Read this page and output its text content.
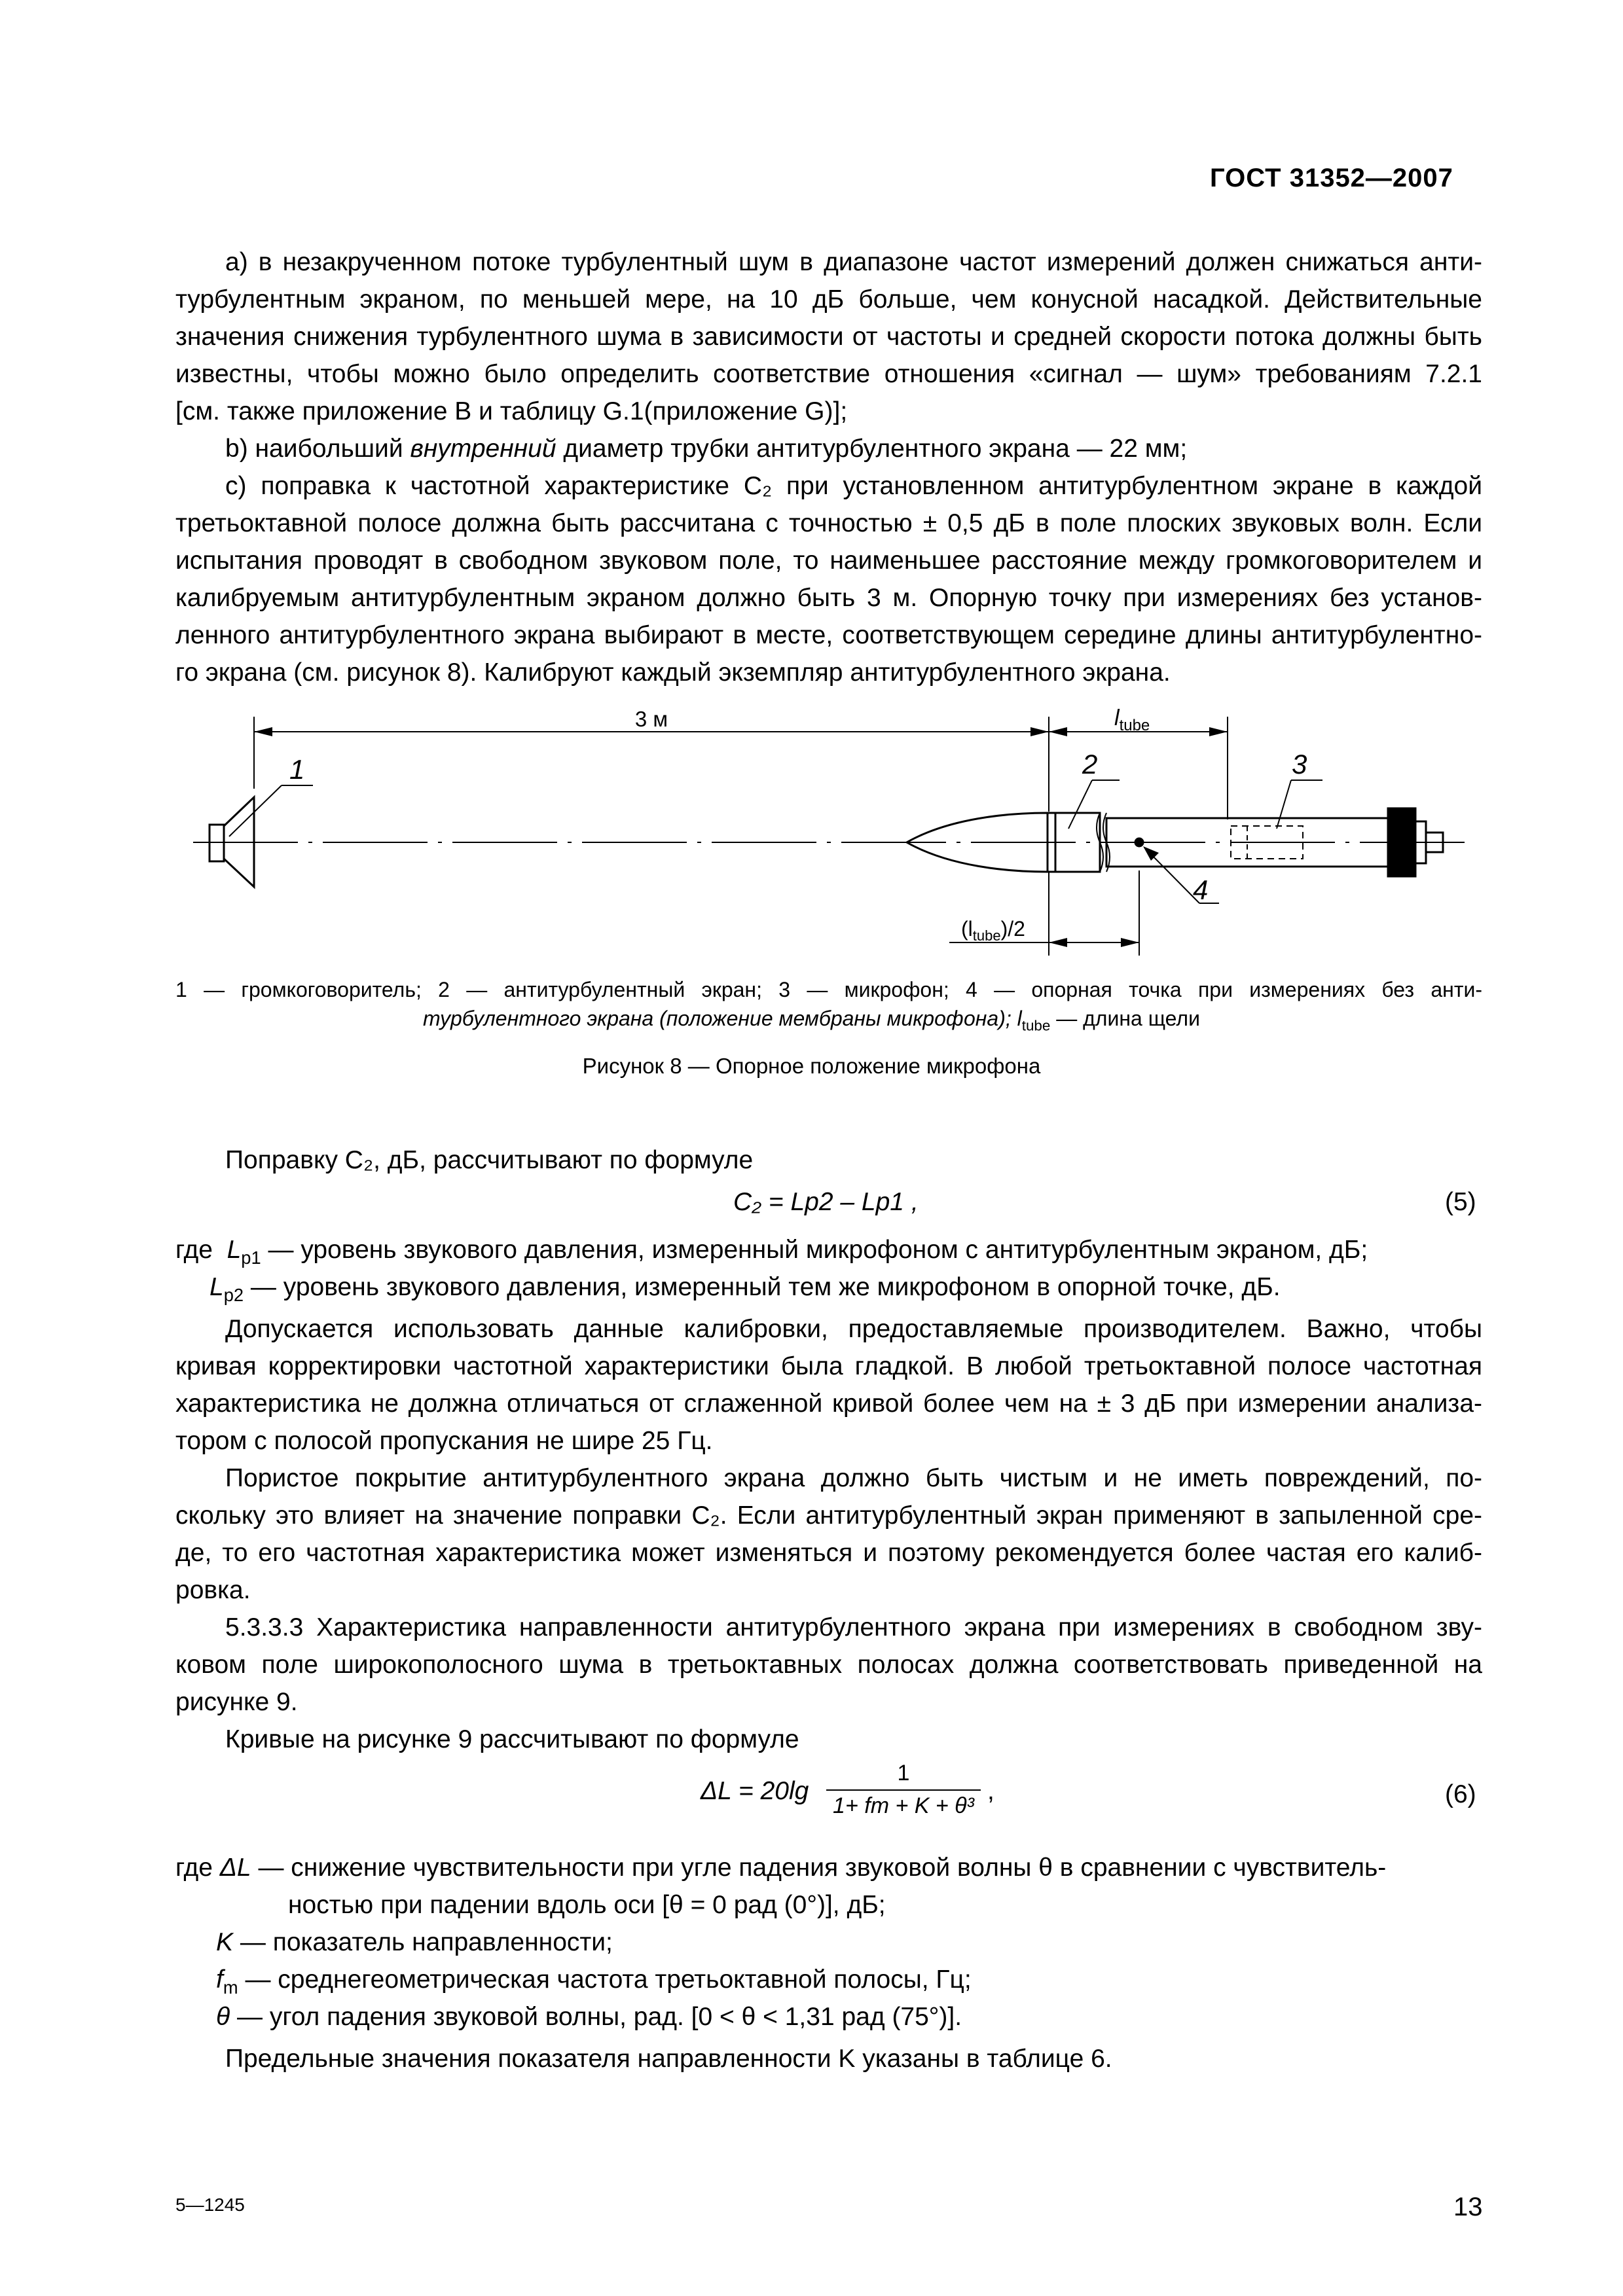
ГОСТ 31352—2007
а) в незакрученном потоке турбулентный шум в диапазоне частот измерений должен снижаться анти-
турбулентным экраном, по меньшей мере, на 10 дБ больше, чем конусной насадкой. Действительные
значения снижения турбулентного шума в зависимости от частоты и средней скорости потока должны быть
известны, чтобы можно было определить соответствие отношения «сигнал — шум» требованиям 7.2.1
[см. также приложение В и таблицу G.1(приложение G)];
b) наибольший внутренний диаметр трубки антитурбулентного экрана — 22 мм;
с) поправка к частотной характеристике C₂ при установленном антитурбулентном экране в каждой
третьоктавной полосе должна быть рассчитана с точностью ± 0,5 дБ в поле плоских звуковых волн. Если
испытания проводят в свободном звуковом поле, то наименьшее расстояние между громкоговорителем и
калибруемым антитурбулентным экраном должно быть 3 м. Опорную точку при измерениях без установ-
ленного антитурбулентного экрана выбирают в месте, соответствующем середине длины антитурбулентно-
го экрана (см. рисунок 8). Калибруют каждый экземпляр антитурбулентного экрана.
3 м	$l_{tube}$
$(l_{tube})/2$
1	2	3
4
1 — громкоговоритель; 2 — антитурбулентный экран; 3 — микрофон; 4 — опорная точка при измерениях без анти-
турбулентного экрана (положение мембраны микрофона); $l_{tube}$ — длина щели
Рисунок 8 — Опорное положение микрофона
Поправку C₂, дБ, рассчитывают по формуле
C₂ = Lp2 – Lp1 ,	(5)
где $L_{p1}$ — уровень звукового давления, измеренный микрофоном с антитурбулентным экраном, дБ;
$L_{p2}$ — уровень звукового давления, измеренный тем же микрофоном в опорной точке, дБ.
Допускается использовать данные калибровки, предоставляемые производителем. Важно, чтобы
кривая корректировки частотной характеристики была гладкой. В любой третьоктавной полосе частотная
характеристика не должна отличаться от сглаженной кривой более чем на ± 3 дБ при измерении анализа-
тором с полосой пропускания не шире 25 Гц.
Пористое покрытие антитурбулентного экрана должно быть чистым и не иметь повреждений, по-
скольку это влияет на значение поправки C₂. Если антитурбулентный экран применяют в запыленной сре-
де, то его частотная характеристика может изменяться и поэтому рекомендуется более частая его калиб-
ровка.
5.3.3.3 Характеристика направленности антитурбулентного экрана при измерениях в свободном зву-
ковом поле широкополосного шума в третьоктавных полосах должна соответствовать приведенной на
рисунке 9.
Кривые на рисунке 9 рассчитывают по формуле
ΔL = 20lg
1
1+ fm + K + θ³
,	(6)
где ΔL — снижение чувствительности при угле падения звуковой волны θ в сравнении с чувствитель-
ностью при падении вдоль оси [θ = 0 рад (0°)], дБ;
K — показатель направленности;
$f_m$ — среднегеометрическая частота третьоктавной полосы, Гц;
θ — угол падения звуковой волны, рад. [0 < θ < 1,31 рад (75°)].
Предельные значения показателя направленности K указаны в таблице 6.
5—1245	13
